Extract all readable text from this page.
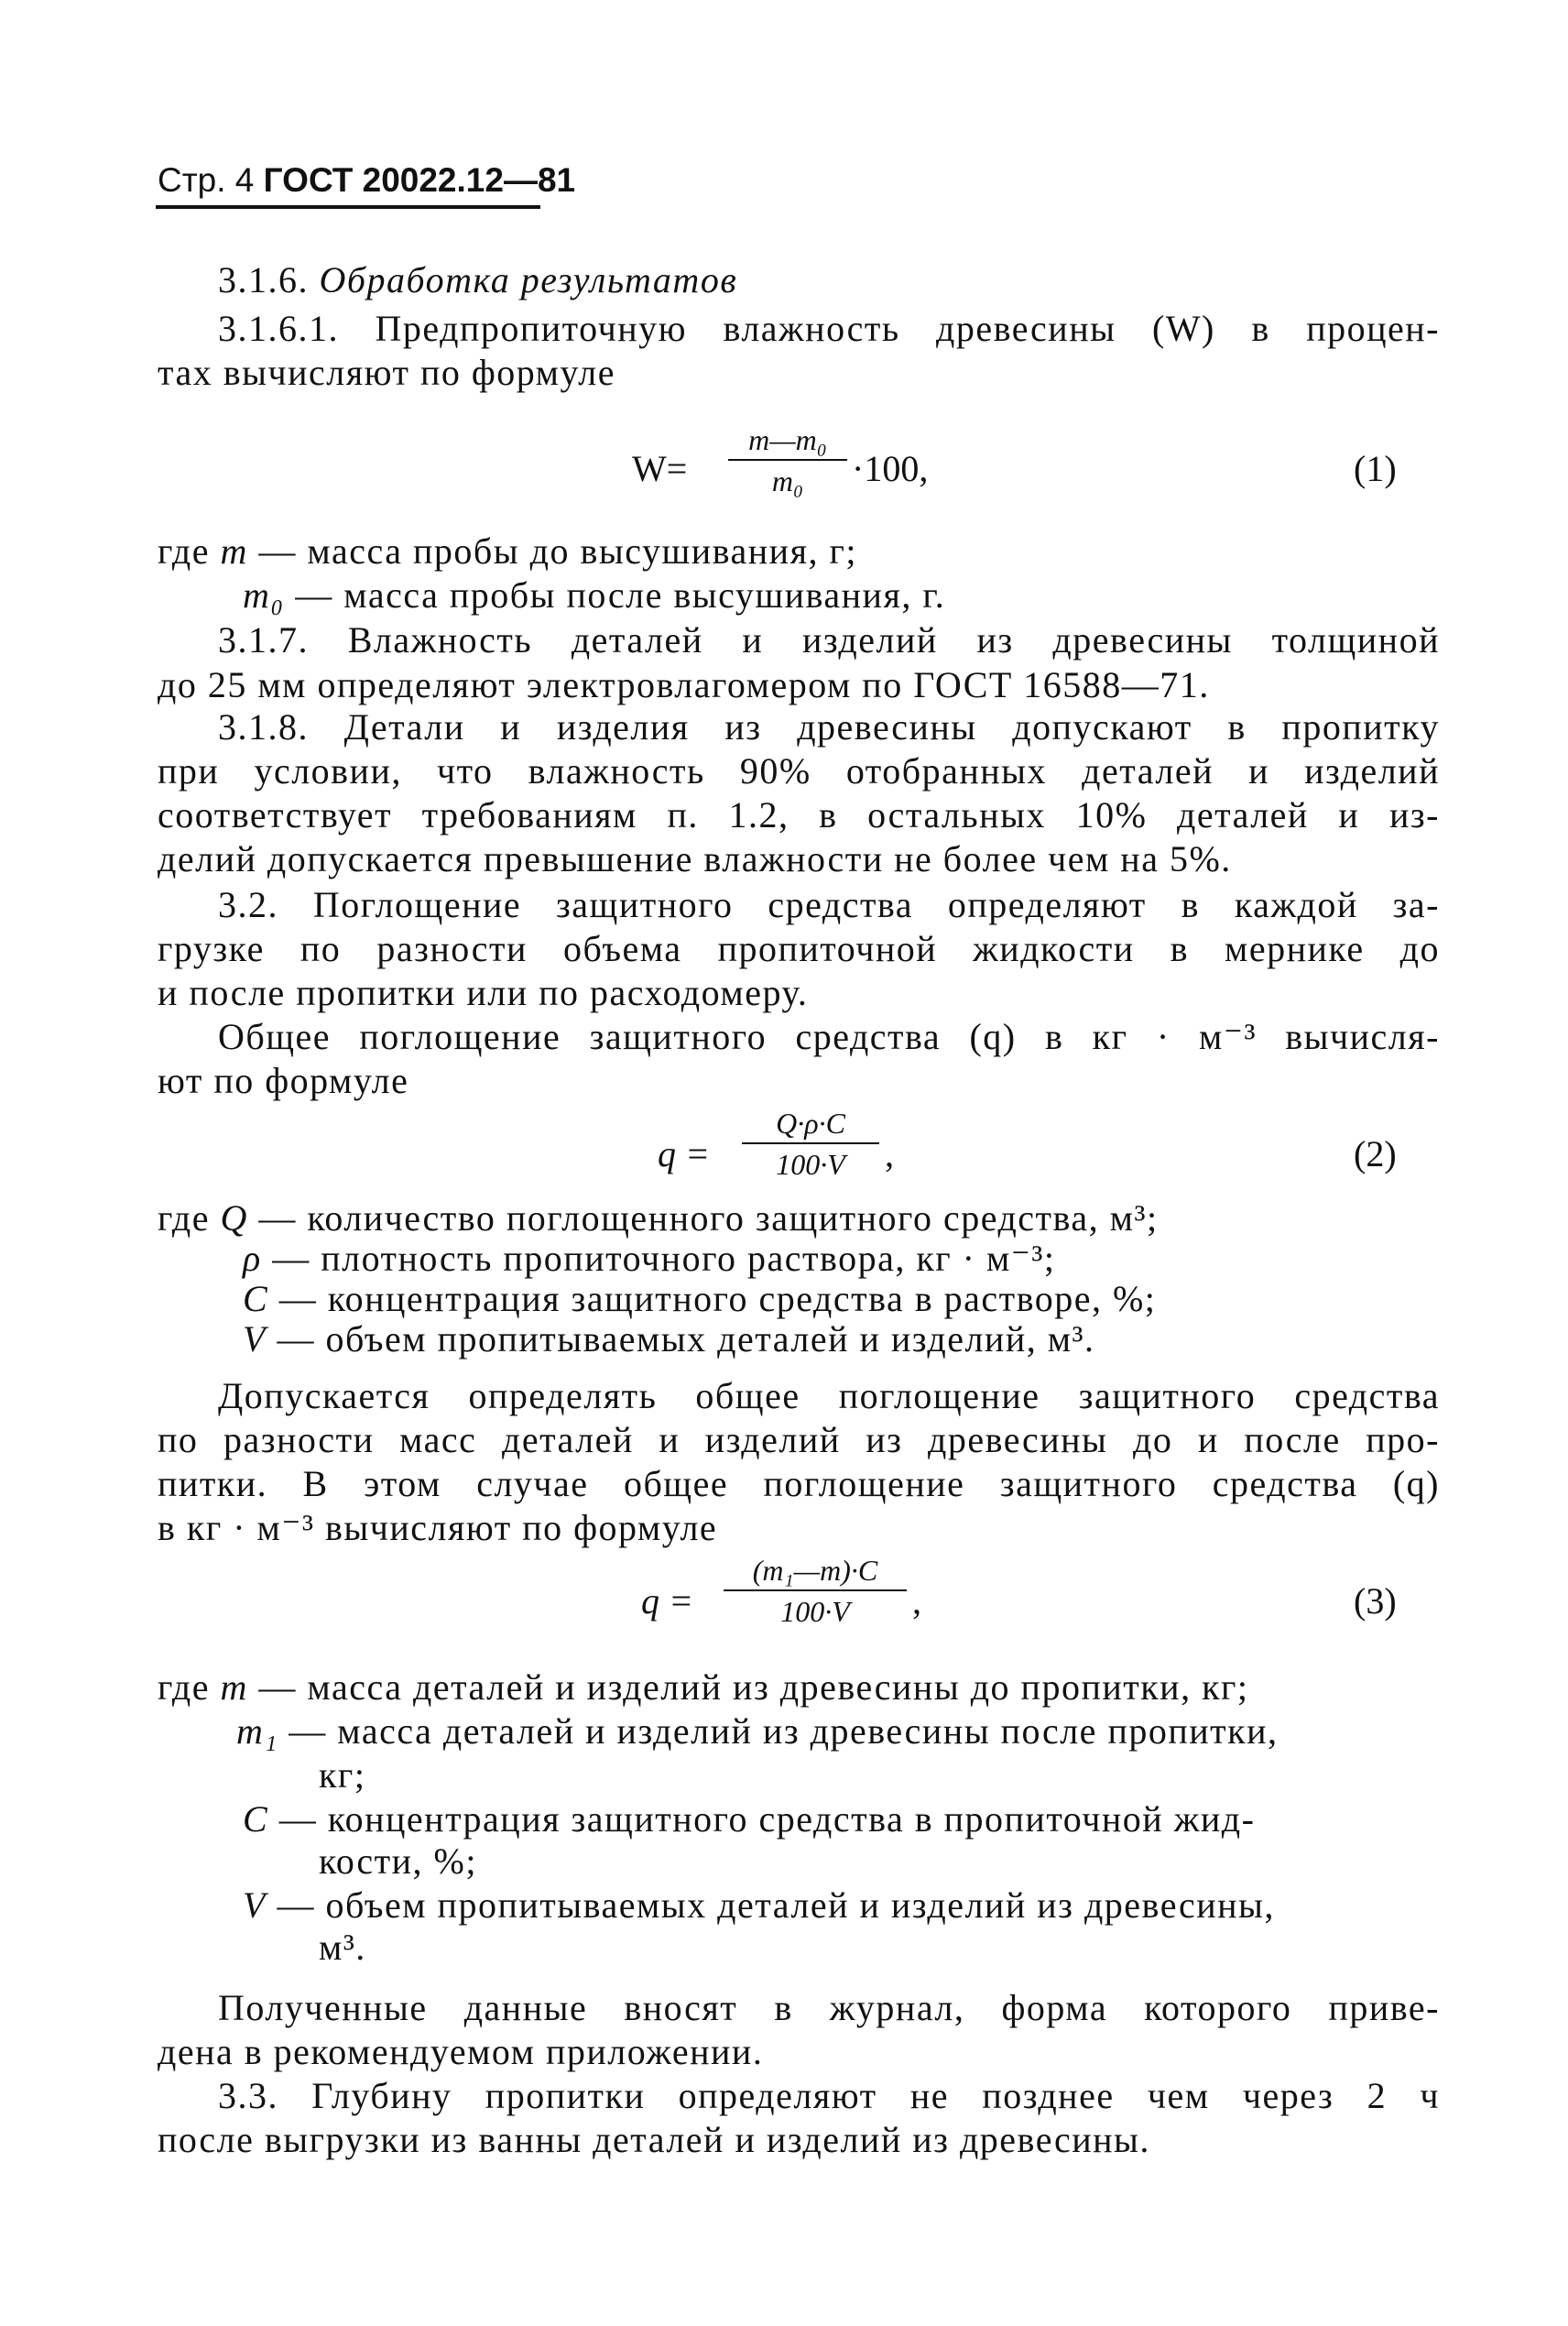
Стр. 4 ГОСТ 20022.12—81
3.1.6. Обработка результатов
3.1.6.1. Предпропиточную влажность древесины (W) в процен-
тах вычисляют по формуле
W=
m—m₀
m₀	·100,	(1)
где m — масса пробы до высушивания, г;
m₀ — масса пробы после высушивания, г.
3.1.7. Влажность деталей и изделий из древесины толщиной
до 25 мм определяют электровлагомером по ГОСТ 16588—71.
3.1.8. Детали и изделия из древесины допускают в пропитку
при условии, что влажность 90% отобранных деталей и изделий
соответствует требованиям п. 1.2, в остальных 10% деталей и из-
делий допускается превышение влажности не более чем на 5%.
3.2. Поглощение защитного средства определяют в каждой за-
грузке по разности объема пропиточной жидкости в мернике до
и после пропитки или по расходомеру.
Общее поглощение защитного средства (q) в кг · м⁻³ вычисля-
ют по формуле
q =
Q·ρ·C
100·V	,	(2)
где Q — количество поглощенного защитного средства, м³;
ρ — плотность пропиточного раствора, кг · м⁻³;
C — концентрация защитного средства в растворе, %;
V — объем пропитываемых деталей и изделий, м³.
Допускается определять общее поглощение защитного средства
по разности масс деталей и изделий из древесины до и после про-
питки. В этом случае общее поглощение защитного средства (q)
в кг · м⁻³ вычисляют по формуле
q =
(m₁—m)·C
100·V	,	(3)
где m — масса деталей и изделий из древесины до пропитки, кг;
m₁ — масса деталей и изделий из древесины после пропитки,
кг;
C — концентрация защитного средства в пропиточной жид-
кости, %;
V — объем пропитываемых деталей и изделий из древесины,
м³.
Полученные данные вносят в журнал, форма которого приве-
дена в рекомендуемом приложении.
3.3. Глубину пропитки определяют не позднее чем через 2 ч
после выгрузки из ванны деталей и изделий из древесины.
